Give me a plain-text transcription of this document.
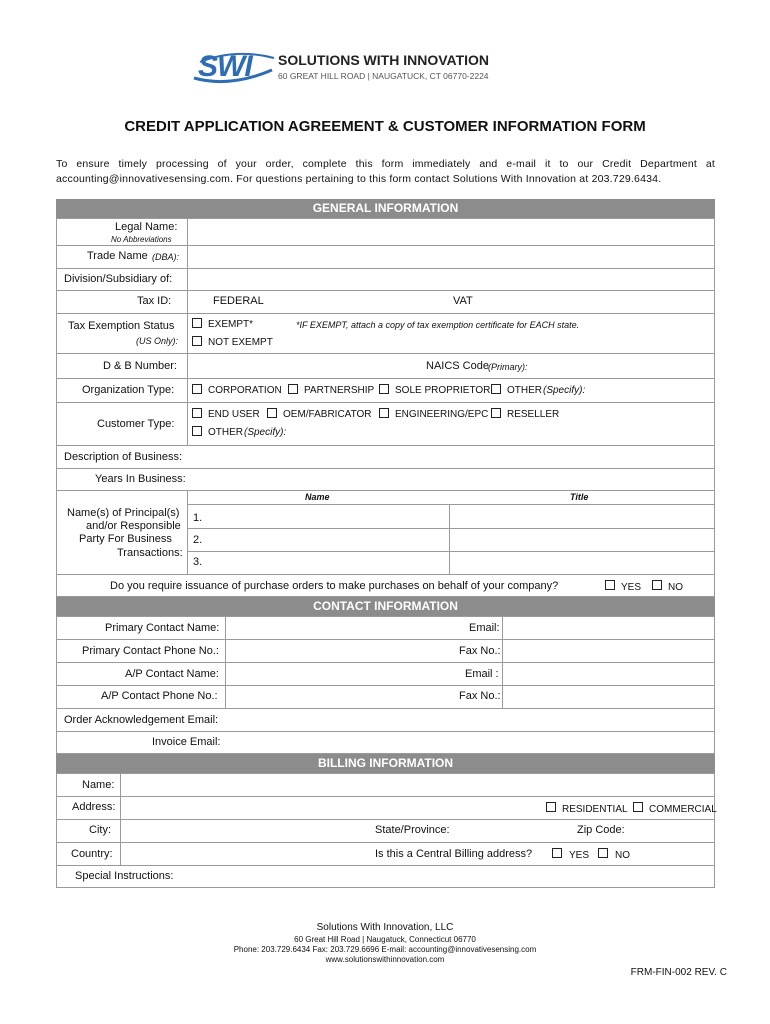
SWI SOLUTIONS WITH INNOVATION
60 GREAT HILL ROAD | NAUGATUCK, CT 06770-2224
CREDIT APPLICATION AGREEMENT & CUSTOMER INFORMATION FORM
To ensure timely processing of your order, complete this form immediately and e-mail it to our Credit Department at accounting@innovativesensing.com. For questions pertaining to this form contact Solutions With Innovation at 203.729.6434.
GENERAL INFORMATION
Legal Name:
No Abbreviations
Trade Name (DBA):
Division/Subsidiary of:
Tax ID:	FEDERAL	VAT
Tax Exemption Status
(US Only):
EXEMPT*
NOT EXEMPT
*IF EXEMPT, attach a copy of tax exemption certificate for EACH state.
D & B Number:	NAICS Code (Primary):
Organization Type:	CORPORATION PARTNERSHIP SOLE PROPRIETOR OTHER (Specify):
Customer Type:
END USER OEM/FABRICATOR ENGINEERING/EPC RESELLER
OTHER (Specify):
Description of Business:
Years In Business:
Name	Title
Name(s) of Principal(s)
and/or Responsible
Party For Business
Transactions:
1.
2.
3.
Do you require issuance of purchase orders to make purchases on behalf of your company?	YES	NO
CONTACT INFORMATION
Primary Contact Name:	Email:
Primary Contact Phone No.:	Fax No.:
A/P Contact Name:	Email :
A/P Contact Phone No.:	Fax No.:
Order Acknowledgement Email:
Invoice Email:
BILLING INFORMATION
Name:
Address:	RESIDENTIAL COMMERCIAL
City:	State/Province:	Zip Code:
Country:	Is this a Central Billing address?	YES	NO
Special Instructions:
Solutions With Innovation, LLC
60 Great Hill Road | Naugatuck, Connecticut 06770
Phone: 203.729.6434 Fax: 203.729.6696 E-mail: accounting@innovativesensing.com
www.solutionswithinnovation.com
FRM-FIN-002 REV. C
